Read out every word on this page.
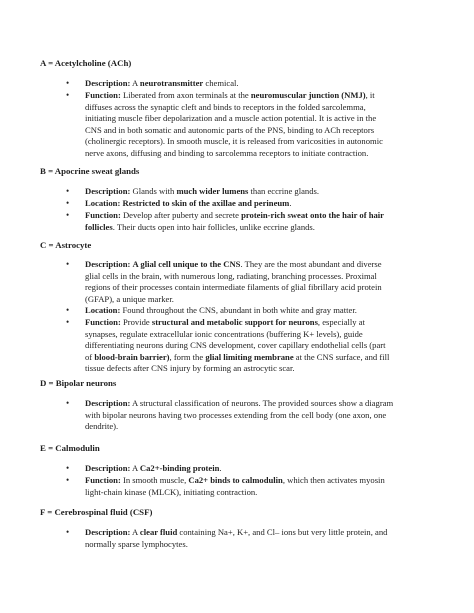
A = Acetylcholine (ACh)
• Description: A neurotransmitter chemical.
• Function: Liberated from axon terminals at the neuromuscular junction (NMJ), it
diffuses across the synaptic cleft and binds to receptors in the folded sarcolemma,
initiating muscle fiber depolarization and a muscle action potential. It is active in the
CNS and in both somatic and autonomic parts of the PNS, binding to ACh receptors
(cholinergic receptors). In smooth muscle, it is released from varicosities in autonomic
nerve axons, diffusing and binding to sarcolemma receptors to initiate contraction.
B = Apocrine sweat glands
• Description: Glands with much wider lumens than eccrine glands.
• Location: Restricted to skin of the axillae and perineum.
• Function: Develop after puberty and secrete protein-rich sweat onto the hair of hair
follicles. Their ducts open into hair follicles, unlike eccrine glands.
C = Astrocyte
• Description: A glial cell unique to the CNS. They are the most abundant and diverse
glial cells in the brain, with numerous long, radiating, branching processes. Proximal
regions of their processes contain intermediate filaments of glial fibrillary acid protein
(GFAP), a unique marker.
• Location: Found throughout the CNS, abundant in both white and gray matter.
• Function: Provide structural and metabolic support for neurons, especially at
synapses, regulate extracellular ionic concentrations (buffering K+ levels), guide
differentiating neurons during CNS development, cover capillary endothelial cells (part
of blood-brain barrier), form the glial limiting membrane at the CNS surface, and fill
tissue defects after CNS injury by forming an astrocytic scar.
D = Bipolar neurons
• Description: A structural classification of neurons. The provided sources show a diagram
with bipolar neurons having two processes extending from the cell body (one axon, one
dendrite).
E = Calmodulin
• Description: A Ca2+-binding protein.
• Function: In smooth muscle, Ca2+ binds to calmodulin, which then activates myosin
light-chain kinase (MLCK), initiating contraction.
F = Cerebrospinal fluid (CSF)
• Description: A clear fluid containing Na+, K+, and Cl– ions but very little protein, and
normally sparse lymphocytes.
